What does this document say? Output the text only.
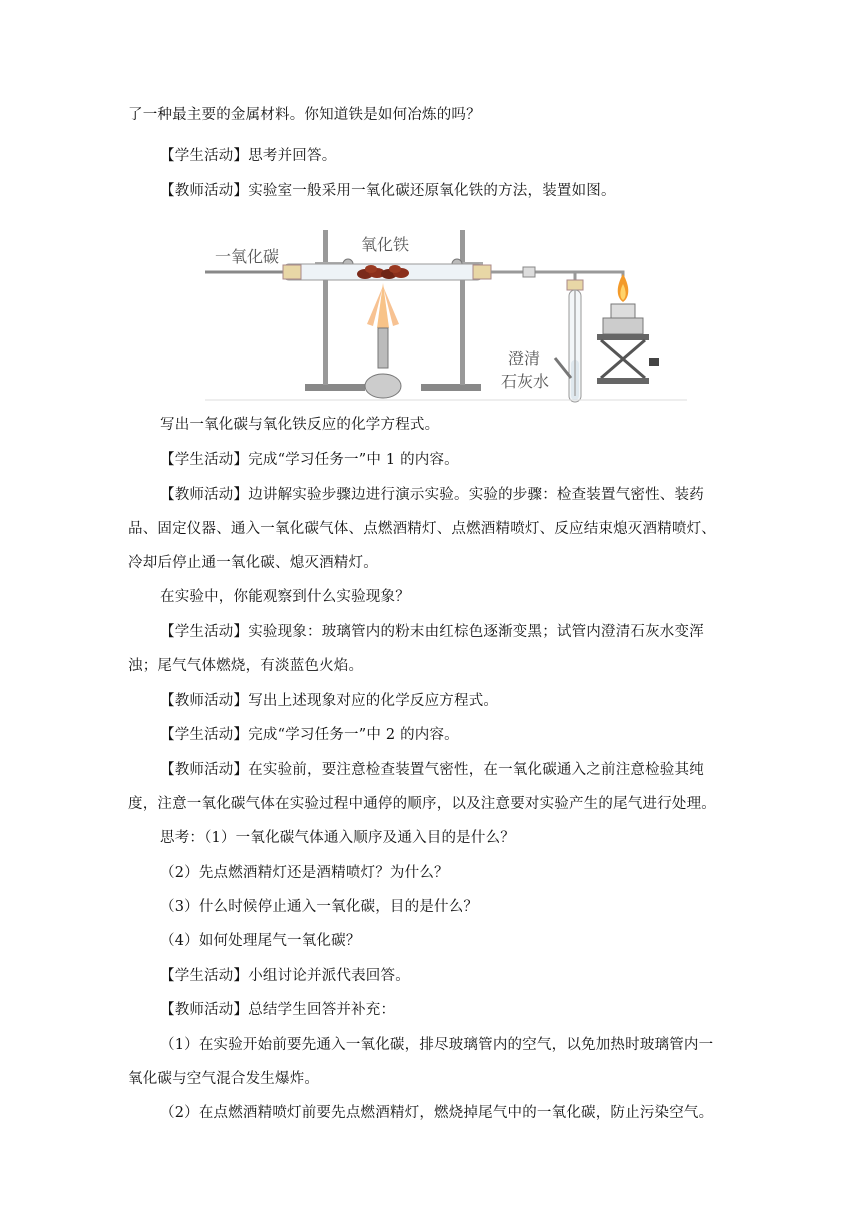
了一种最主要的金属材料。你知道铁是如何冶炼的吗？
【学生活动】思考并回答。
【教师活动】实验室一般采用一氧化碳还原氧化铁的方法，装置如图。
一氧化碳
氧化铁
澄清
石灰水
写出一氧化碳与氧化铁反应的化学方程式。
【学生活动】完成“学习任务一”中 1 的内容。
【教师活动】边讲解实验步骤边进行演示实验。实验的步骤：检查装置气密性、装药
品、固定仪器、通入一氧化碳气体、点燃酒精灯、点燃酒精喷灯、反应结束熄灭酒精喷灯、
冷却后停止通一氧化碳、熄灭酒精灯。
在实验中，你能观察到什么实验现象？
【学生活动】实验现象：玻璃管内的粉末由红棕色逐渐变黑；试管内澄清石灰水变浑
浊；尾气气体燃烧，有淡蓝色火焰。
【教师活动】写出上述现象对应的化学反应方程式。
【学生活动】完成“学习任务一”中 2 的内容。
【教师活动】在实验前，要注意检查装置气密性，在一氧化碳通入之前注意检验其纯
度，注意一氧化碳气体在实验过程中通停的顺序，以及注意要对实验产生的尾气进行处理。
思考：（1）一氧化碳气体通入顺序及通入目的是什么？
（2）先点燃酒精灯还是酒精喷灯？为什么？
（3）什么时候停止通入一氧化碳，目的是什么？
（4）如何处理尾气一氧化碳？
【学生活动】小组讨论并派代表回答。
【教师活动】总结学生回答并补充：
（1）在实验开始前要先通入一氧化碳，排尽玻璃管内的空气，以免加热时玻璃管内一
氧化碳与空气混合发生爆炸。
（2）在点燃酒精喷灯前要先点燃酒精灯，燃烧掉尾气中的一氧化碳，防止污染空气。
